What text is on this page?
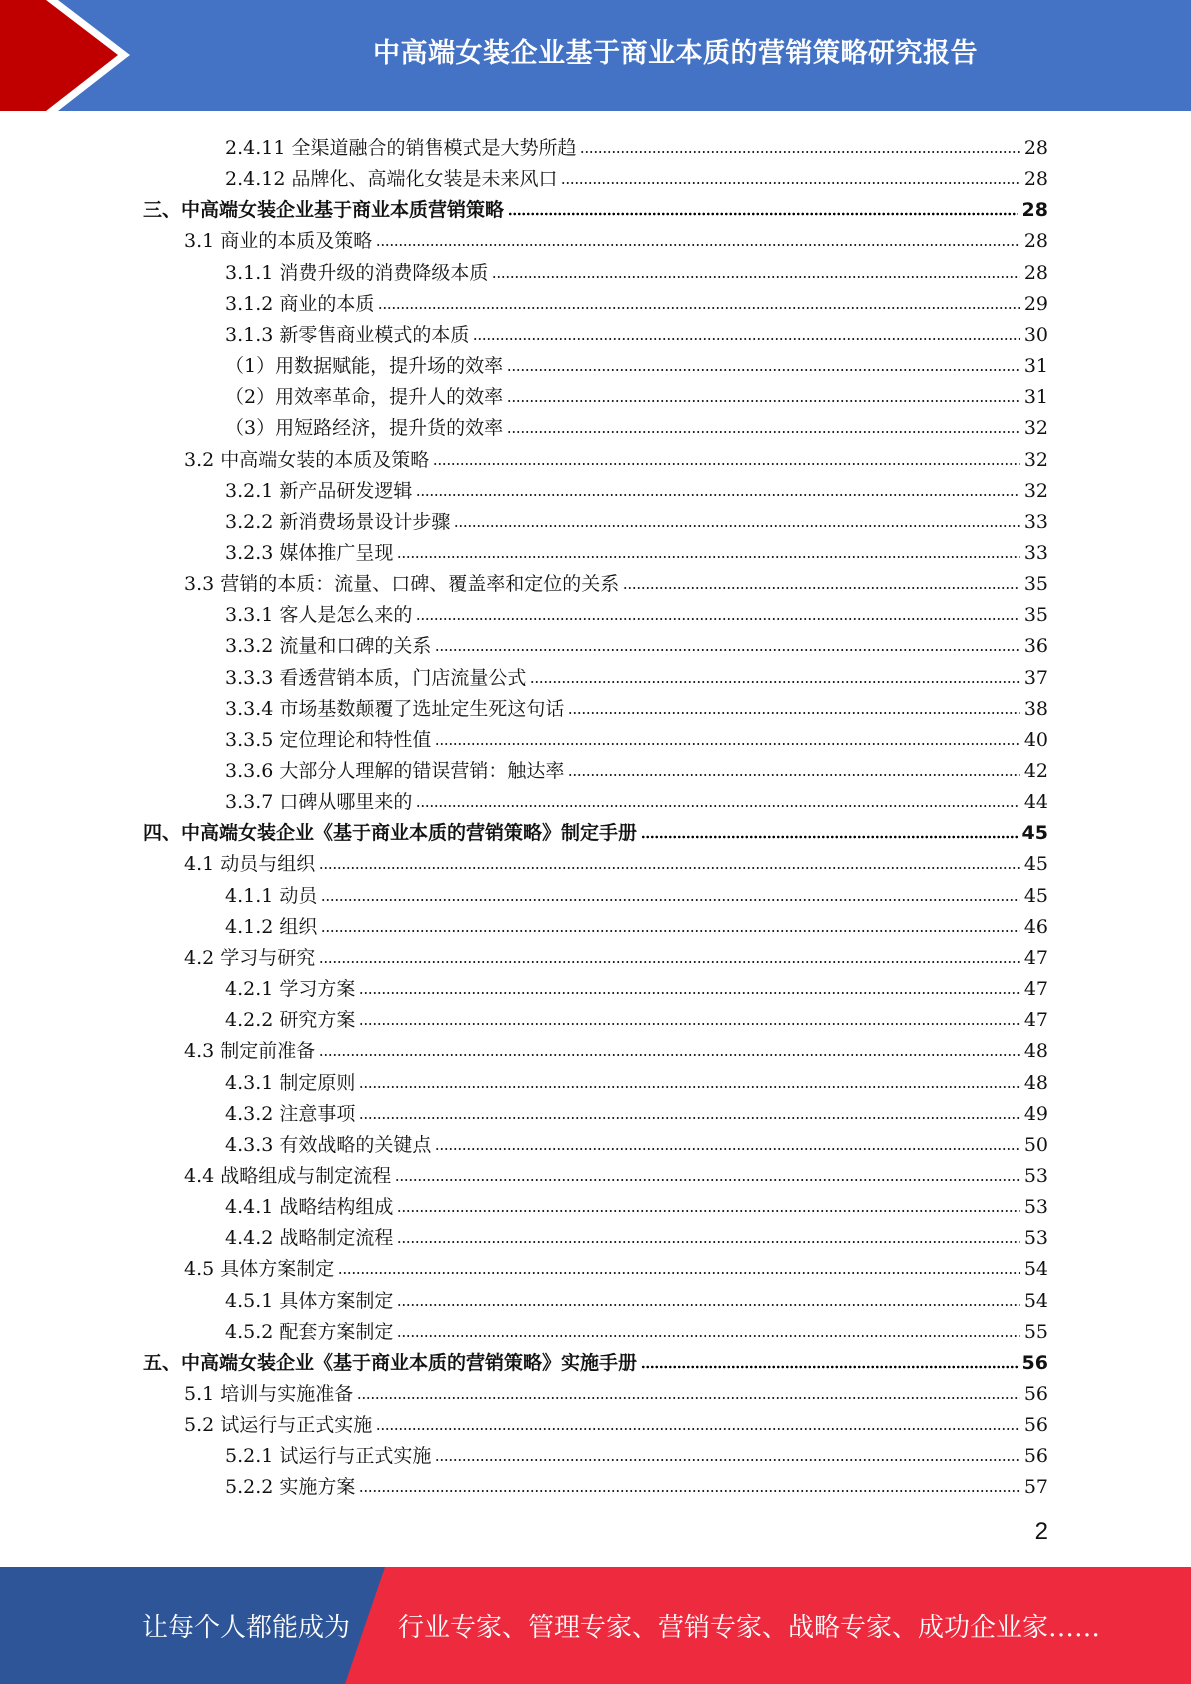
中高端女装企业基于商业本质的营销策略研究报告
2.4.11 全渠道融合的销售模式是大势所趋	28
2.4.12 品牌化、高端化女装是未来风口	28
三、中高端女装企业基于商业本质营销策略	28
3.1 商业的本质及策略	28
3.1.1 消费升级的消费降级本质	28
3.1.2 商业的本质	29
3.1.3 新零售商业模式的本质	30
（1）用数据赋能，提升场的效率	31
（2）用效率革命，提升人的效率	31
（3）用短路经济，提升货的效率	32
3.2 中高端女装的本质及策略	32
3.2.1 新产品研发逻辑	32
3.2.2 新消费场景设计步骤	33
3.2.3 媒体推广呈现	33
3.3 营销的本质：流量、口碑、覆盖率和定位的关系	35
3.3.1 客人是怎么来的	35
3.3.2 流量和口碑的关系	36
3.3.3 看透营销本质，门店流量公式	37
3.3.4 市场基数颠覆了选址定生死这句话	38
3.3.5 定位理论和特性值	40
3.3.6 大部分人理解的错误营销：触达率	42
3.3.7 口碑从哪里来的	44
四、中高端女装企业《基于商业本质的营销策略》制定手册	45
4.1 动员与组织	45
4.1.1 动员	45
4.1.2 组织	46
4.2 学习与研究	47
4.2.1 学习方案	47
4.2.2 研究方案	47
4.3 制定前准备	48
4.3.1 制定原则	48
4.3.2 注意事项	49
4.3.3 有效战略的关键点	50
4.4 战略组成与制定流程	53
4.4.1 战略结构组成	53
4.4.2 战略制定流程	53
4.5 具体方案制定	54
4.5.1 具体方案制定	54
4.5.2 配套方案制定	55
五、中高端女装企业《基于商业本质的营销策略》实施手册	56
5.1 培训与实施准备	56
5.2 试运行与正式实施	56
5.2.1 试运行与正式实施	56
5.2.2 实施方案	57
2
让每个人都能成为 行业专家、管理专家、营销专家、战略专家、成功企业家……
